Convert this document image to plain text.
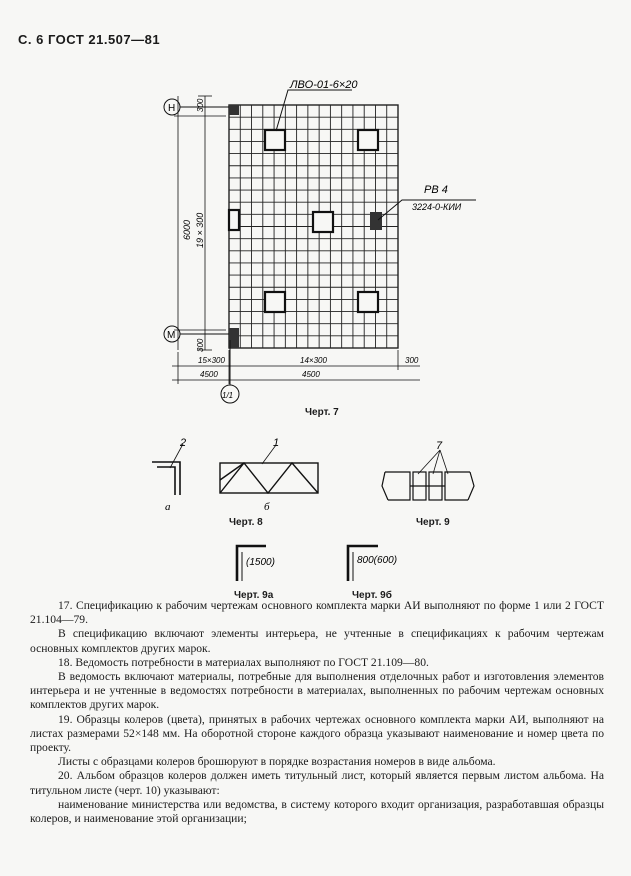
С. 6 ГОСТ 21.507—81
ЛВО-01-6×20
РВ 4
3224-0-КИИ
Н
М
1/1
6000 19 × 300
300
300
15×300	14×300	300
4500	4500
Черт. 7
2
а
1
б
7
(1500)	800(600)
Черт. 8	Черт. 9
Черт. 9а	Черт. 9б

17. Спецификацию к рабочим чертежам основного комплекта марки АИ выполняют по форме 1 или 2 ГОСТ 21.104—79.

В спецификацию включают элементы интерьера, не учтенные в спецификациях к рабочим чертежам основных комплектов других марок.

18. Ведомость потребности в материалах выполняют по ГОСТ 21.109—80.

В ведомость включают материалы, потребные для выполнения отделочных работ и изготовления элементов интерьера и не учтенные в ведомостях потребности в материалах, выполненных по рабочим чертежам основных комплектов других марок.

19. Образцы колеров (цвета), принятых в рабочих чертежах основного комплекта марки АИ, выполняют на листах размерами 52×148 мм. На оборотной стороне каждого образца указывают наименование и номер цвета по проекту.

Листы с образцами колеров брошюруют в порядке возрастания номеров в виде альбома.

20. Альбом образцов колеров должен иметь титульный лист, который является первым листом альбома. На титульном листе (черт. 10) указывают:

наименование министерства или ведомства, в систему которого входит организация, разработавшая образцы колеров, и наименование этой организации;
